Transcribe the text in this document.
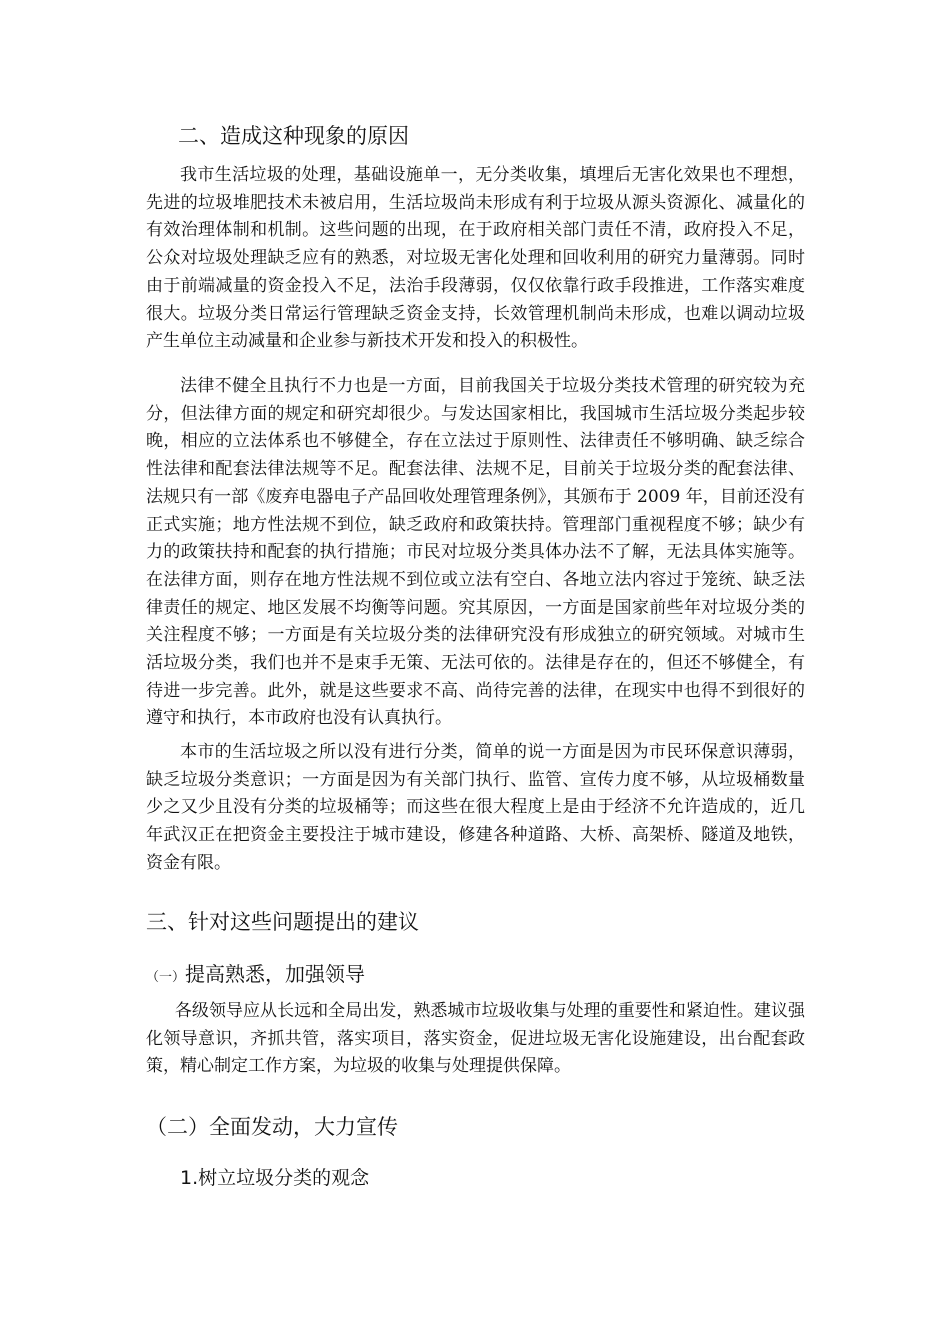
二、造成这种现象的原因

我市生活垃圾的处理，基础设施单一，无分类收集，填埋后无害化效果也不理想，先进的垃圾堆肥技术未被启用，生活垃圾尚未形成有利于垃圾从源头资源化、减量化的有效治理体制和机制。这些问题的出现，在于政府相关部门责任不清，政府投入不足，公众对垃圾处理缺乏应有的熟悉，对垃圾无害化处理和回收利用的研究力量薄弱。同时由于前端减量的资金投入不足，法治手段薄弱，仅仅依靠行政手段推进，工作落实难度很大。垃圾分类日常运行管理缺乏资金支持，长效管理机制尚未形成，也难以调动垃圾产生单位主动减量和企业参与新技术开发和投入的积极性。

法律不健全且执行不力也是一方面，目前我国关于垃圾分类技术管理的研究较为充分，但法律方面的规定和研究却很少。与发达国家相比，我国城市生活垃圾分类起步较晚，相应的立法体系也不够健全，存在立法过于原则性、法律责任不够明确、缺乏综合性法律和配套法律法规等不足。配套法律、法规不足，目前关于垃圾分类的配套法律、法规只有一部《废弃电器电子产品回收处理管理条例》，其颁布于 2009 年，目前还没有正式实施；地方性法规不到位，缺乏政府和政策扶持。管理部门重视程度不够；缺少有力的政策扶持和配套的执行措施；市民对垃圾分类具体办法不了解，无法具体实施等。在法律方面，则存在地方性法规不到位或立法有空白、各地立法内容过于笼统、缺乏法律责任的规定、地区发展不均衡等问题。究其原因，一方面是国家前些年对垃圾分类的关注程度不够；一方面是有关垃圾分类的法律研究没有形成独立的研究领域。对城市生活垃圾分类，我们也并不是束手无策、无法可依的。法律是存在的，但还不够健全，有待进一步完善。此外，就是这些要求不高、尚待完善的法律，在现实中也得不到很好的遵守和执行，本市政府也没有认真执行。

本市的生活垃圾之所以没有进行分类，简单的说一方面是因为市民环保意识薄弱，缺乏垃圾分类意识；一方面是因为有关部门执行、监管、宣传力度不够，从垃圾桶数量少之又少且没有分类的垃圾桶等；而这些在很大程度上是由于经济不允许造成的，近几年武汉正在把资金主要投注于城市建设，修建各种道路、大桥、高架桥、隧道及地铁，资金有限。

三、针对这些问题提出的建议
（一）提高熟悉，加强领导

各级领导应从长远和全局出发，熟悉城市垃圾收集与处理的重要性和紧迫性。建议强化领导意识，齐抓共管，落实项目，落实资金，促进垃圾无害化设施建设，出台配套政策，精心制定工作方案，为垃圾的收集与处理提供保障。

（二）全面发动，大力宣传
1.树立垃圾分类的观念
